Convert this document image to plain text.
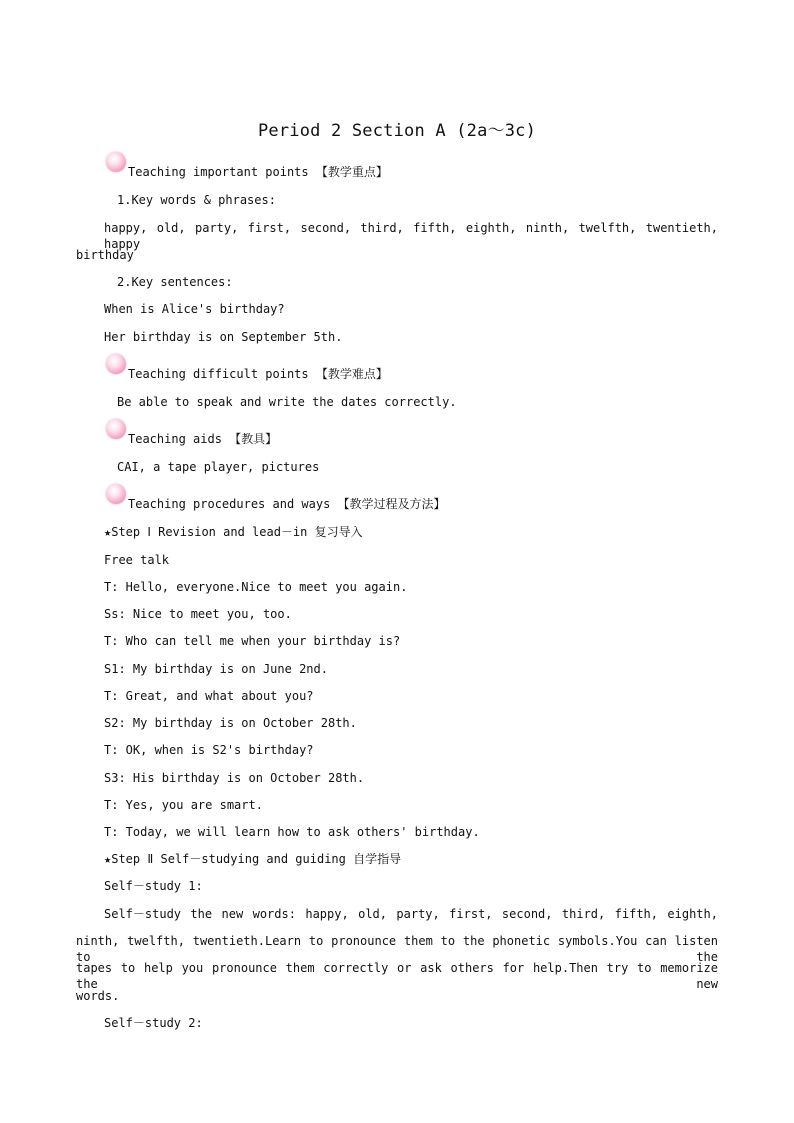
Period 2 Section A (2a～3c)
Teaching important points 【教学重点】
1.Key words & phrases:
happy, old, party, first, second, third, fifth, eighth, ninth, twelfth, twentieth, happy
birthday
2.Key sentences:
When is Alice's birthday?
Her birthday is on September 5th.
Teaching difficult points 【教学难点】
Be able to speak and write the dates correctly.
Teaching aids 【教具】
CAI, a tape player, pictures
Teaching procedures and ways 【教学过程及方法】
★Step Ⅰ Revision and lead－in 复习导入
Free talk
T: Hello, everyone.Nice to meet you again.
Ss: Nice to meet you, too.
T: Who can tell me when your birthday is?
S1: My birthday is on June 2nd.
T: Great, and what about you?
S2: My birthday is on October 28th.
T: OK, when is S2's birthday?
S3: His birthday is on October 28th.
T: Yes, you are smart.
T: Today, we will learn how to ask others' birthday.
★Step Ⅱ Self－studying and guiding 自学指导
Self－study 1:
Self－study the new words: happy, old, party, first, second, third, fifth, eighth,
ninth, twelfth, twentieth.Learn to pronounce them to the phonetic symbols.You can listen to the
tapes to help you pronounce them correctly or ask others for help.Then try to memorize the new
words.
Self－study 2:
